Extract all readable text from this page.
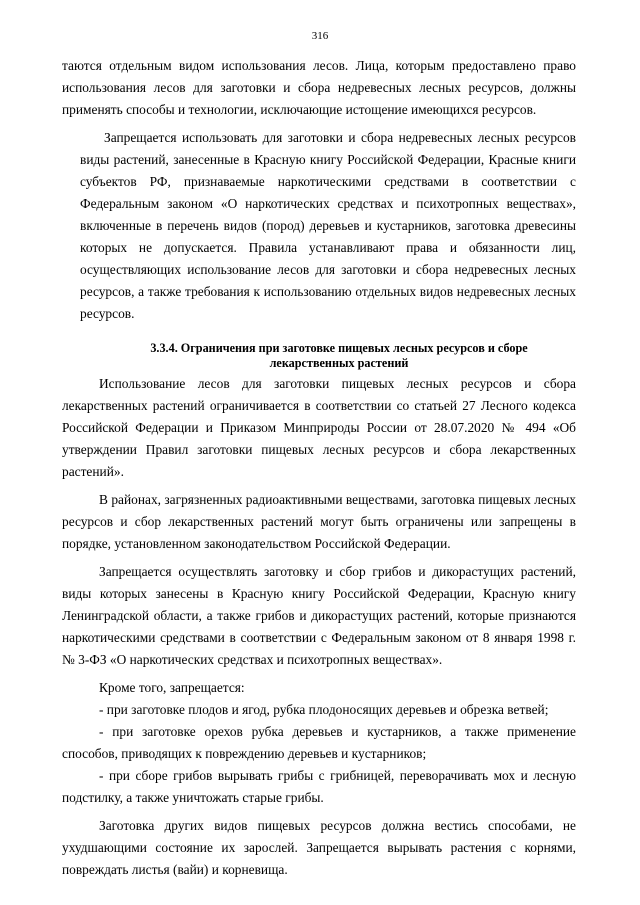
316

таются отдельным видом использования лесов. Лица, которым предоставлено право использования лесов для заготовки и сбора недревесных лесных ресурсов, должны применять способы и технологии, исключающие истощение имеющихся ресурсов.

Запрещается использовать для заготовки и сбора недревесных лесных ресурсов виды растений, занесенные в Красную книгу Российской Федерации, Красные книги субъектов РФ, признаваемые наркотическими средствами в соответствии с Федеральным законом «О наркотических средствах и психотропных веществах», включенные в перечень видов (пород) деревьев и кустарников, заготовка древесины которых не допускается. Правила устанавливают права и обязанности лиц, осуществляющих использование лесов для заготовки и сбора недревесных лесных ресурсов, а также требования к использованию отдельных видов недревесных лесных ресурсов.

3.3.4. Ограничения при заготовке пищевых лесных ресурсов и сборе
лекарственных растений

Использование лесов для заготовки пищевых лесных ресурсов и сбора лекарственных растений ограничивается в соответствии со статьей 27 Лесного кодекса Российской Федерации и Приказом Минприроды России от 28.07.2020 № 494 «Об утверждении Правил заготовки пищевых лесных ресурсов и сбора лекарственных растений».

В районах, загрязненных радиоактивными веществами, заготовка пищевых лесных ресурсов и сбор лекарственных растений могут быть ограничены или запрещены в порядке, установленном законодательством Российской Федерации.

Запрещается осуществлять заготовку и сбор грибов и дикорастущих растений, виды которых занесены в Красную книгу Российской Федерации, Красную книгу Ленинградской области, а также грибов и дикорастущих растений, которые признаются наркотическими средствами в соответствии с Федеральным законом от 8 января 1998 г. № 3-ФЗ «О наркотических средствах и психотропных веществах».

Кроме того, запрещается:

- при заготовке плодов и ягод, рубка плодоносящих деревьев и обрезка ветвей;

- при заготовке орехов рубка деревьев и кустарников, а также применение способов, приводящих к повреждению деревьев и кустарников;

- при сборе грибов вырывать грибы с грибницей, переворачивать мох и лесную подстилку, а также уничтожать старые грибы.

Заготовка других видов пищевых ресурсов должна вестись способами, не ухудшающими состояние их зарослей. Запрещается вырывать растения с корнями, повреждать листья (вайи) и корневища.
